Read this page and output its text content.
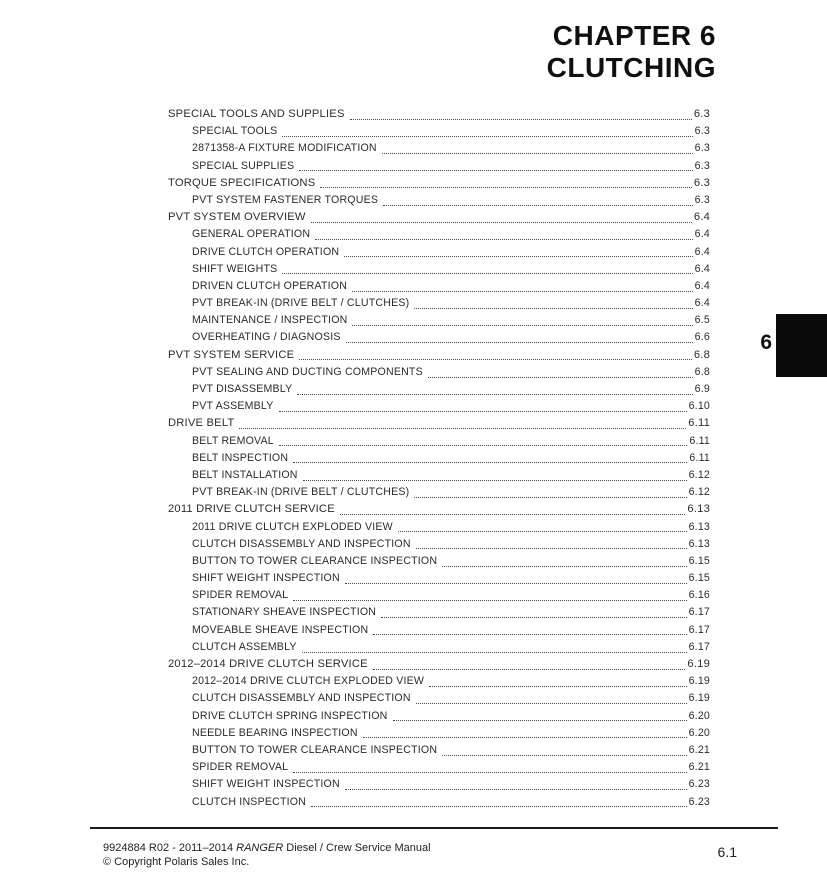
CHAPTER 6
CLUTCHING
SPECIAL TOOLS AND SUPPLIES	6.3
SPECIAL TOOLS	6.3
2871358-A FIXTURE MODIFICATION	6.3
SPECIAL SUPPLIES	6.3
TORQUE SPECIFICATIONS	6.3
PVT SYSTEM FASTENER TORQUES	6.3
PVT SYSTEM OVERVIEW	6.4
GENERAL OPERATION	6.4
DRIVE CLUTCH OPERATION	6.4
SHIFT WEIGHTS	6.4
DRIVEN CLUTCH OPERATION	6.4
PVT BREAK-IN (DRIVE BELT / CLUTCHES)	6.4
MAINTENANCE / INSPECTION	6.5
OVERHEATING / DIAGNOSIS	6.6
PVT SYSTEM SERVICE	6.8
PVT SEALING AND DUCTING COMPONENTS	6.8
PVT DISASSEMBLY	6.9
PVT ASSEMBLY	6.10
DRIVE BELT	6.11
BELT REMOVAL	6.11
BELT INSPECTION	6.11
BELT INSTALLATION	6.12
PVT BREAK-IN (DRIVE BELT / CLUTCHES)	6.12
2011 DRIVE CLUTCH SERVICE	6.13
2011 DRIVE CLUTCH EXPLODED VIEW	6.13
CLUTCH DISASSEMBLY AND INSPECTION	6.13
BUTTON TO TOWER CLEARANCE INSPECTION	6.15
SHIFT WEIGHT INSPECTION	6.15
SPIDER REMOVAL	6.16
STATIONARY SHEAVE INSPECTION	6.17
MOVEABLE SHEAVE INSPECTION	6.17
CLUTCH ASSEMBLY	6.17
2012–2014 DRIVE CLUTCH SERVICE	6.19
2012–2014 DRIVE CLUTCH EXPLODED VIEW	6.19
CLUTCH DISASSEMBLY AND INSPECTION	6.19
DRIVE CLUTCH SPRING INSPECTION	6.20
NEEDLE BEARING INSPECTION	6.20
BUTTON TO TOWER CLEARANCE INSPECTION	6.21
SPIDER REMOVAL	6.21
SHIFT WEIGHT INSPECTION	6.23
CLUTCH INSPECTION	6.23
6
9924884 R02 - 2011–2014 RANGER Diesel / Crew Service Manual
© Copyright Polaris Sales Inc.
6.1
